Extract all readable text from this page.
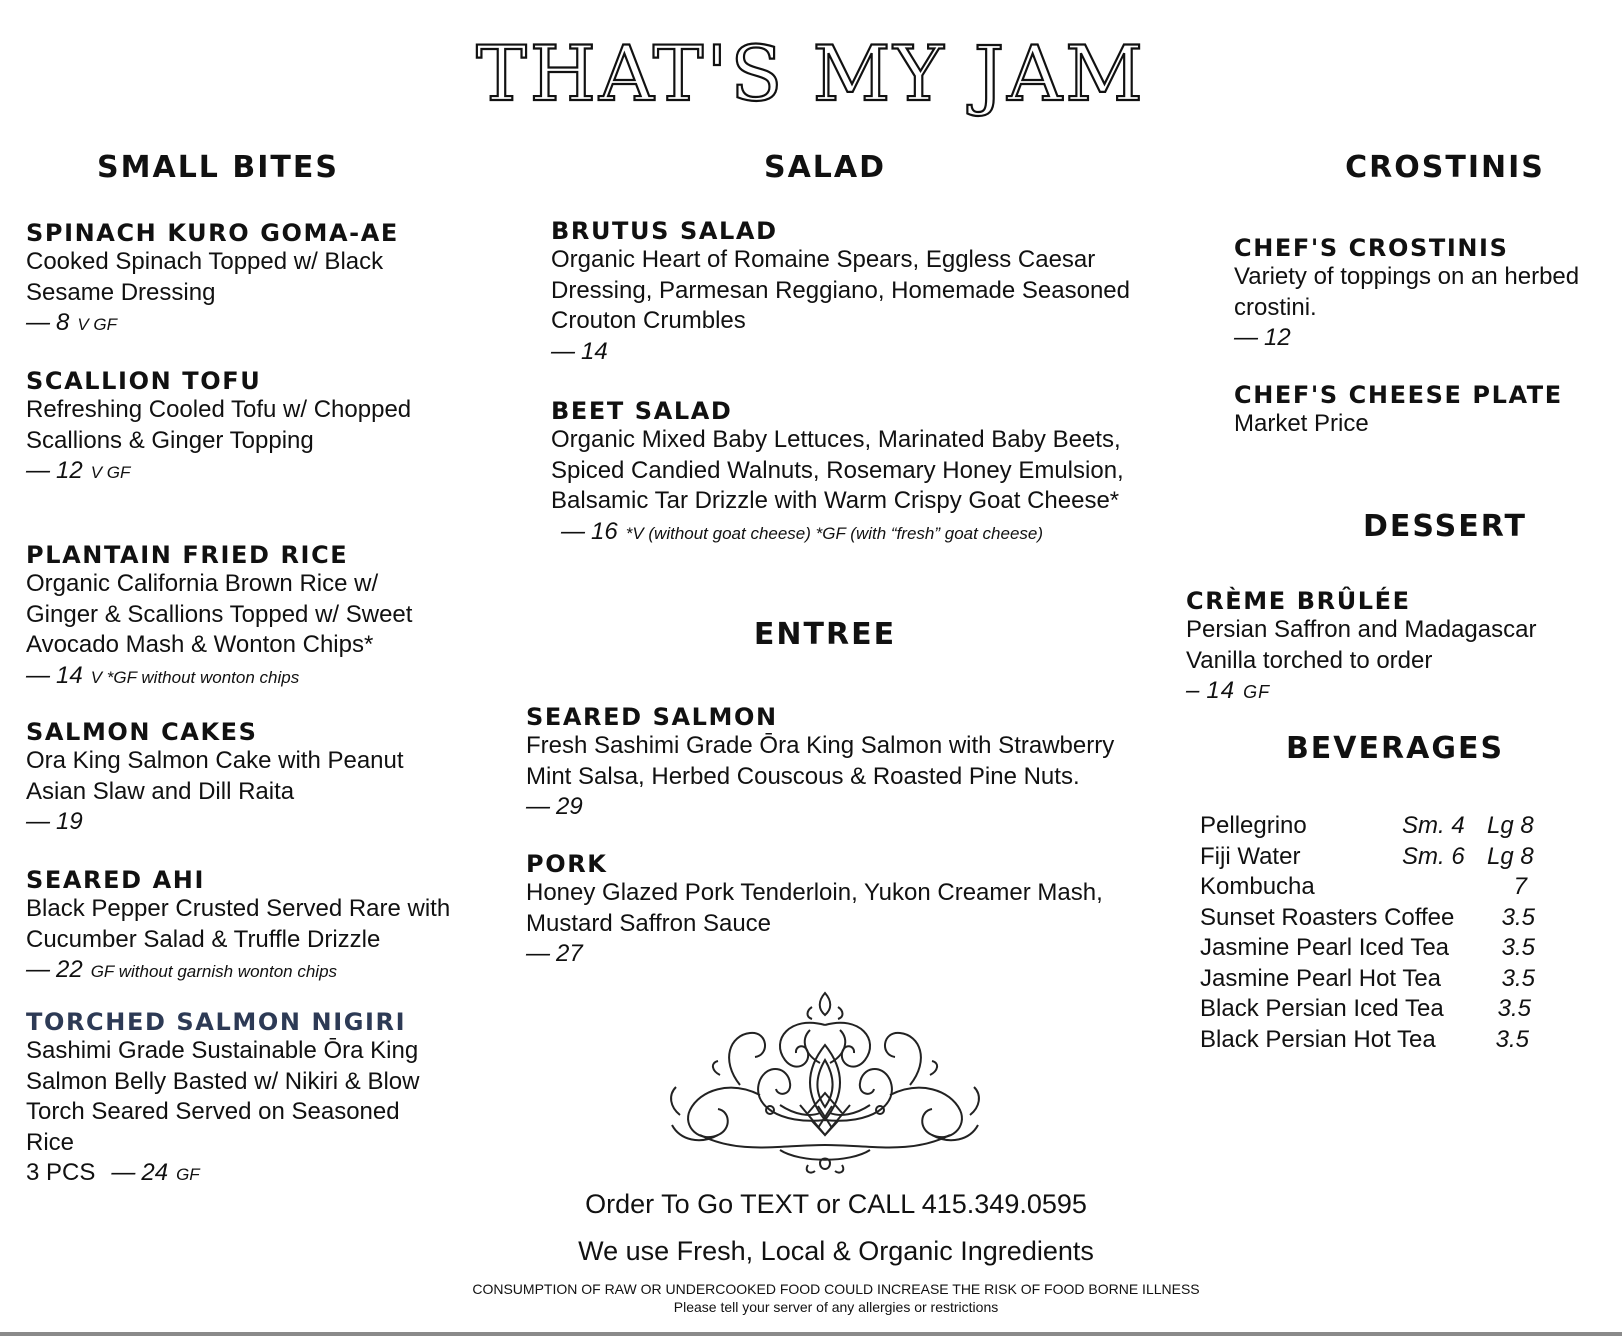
THAT'S MY JAM
SMALL BITES	SALAD	CROSTINIS
ENTREE
DESSERT
BEVERAGES
SPINACH KURO GOMA-AE
Cooked Spinach Topped w/ Black Sesame Dressing
— 8 V GF
SCALLION TOFU
Refreshing Cooled Tofu w/ Chopped Scallions & Ginger Topping
— 12 V GF
PLANTAIN FRIED RICE
Organic California Brown Rice w/ Ginger & Scallions Topped w/ Sweet Avocado Mash & Wonton Chips*
— 14 V *GF without wonton chips
SALMON CAKES
Ora King Salmon Cake with Peanut Asian Slaw and Dill Raita
— 19
SEARED AHI
Black Pepper Crusted Served Rare with Cucumber Salad & Truffle Drizzle
— 22 GF without garnish wonton chips
TORCHED SALMON NIGIRI
Sashimi Grade Sustainable Ōra King Salmon Belly Basted w/ Nikiri & Blow Torch Seared Served on Seasoned Rice
3 PCS — 24 GF
BRUTUS SALAD
Organic Heart of Romaine Spears, Eggless Caesar Dressing, Parmesan Reggiano, Homemade Seasoned Crouton Crumbles
— 14
BEET SALAD
Organic Mixed Baby Lettuces, Marinated Baby Beets, Spiced Candied Walnuts, Rosemary Honey Emulsion, Balsamic Tar Drizzle with Warm Crispy Goat Cheese*
— 16 *V (without goat cheese) *GF (with “fresh” goat cheese)
SEARED SALMON
Fresh Sashimi Grade Ōra King Salmon with Strawberry Mint Salsa, Herbed Couscous & Roasted Pine Nuts.
— 29
PORK
Honey Glazed Pork Tenderloin, Yukon Creamer Mash, Mustard Saffron Sauce
— 27
CHEF'S CROSTINIS
Variety of toppings on an herbed crostini.
— 12
CHEF'S CHEESE PLATE
Market Price
CRÈME BRÛLÉE
Persian Saffron and Madagascar Vanilla torched to order
– 14 GF
Pellegrino	Sm. 4 Lg 8
Fiji Water	Sm. 6 Lg 8
Kombucha	7
Sunset Roasters Coffee 3.5
Jasmine Pearl Iced Tea 3.5
Jasmine Pearl Hot Tea	3.5
Black Persian Iced Tea 3.5
Black Persian Hot Tea 3.5
Order To Go TEXT or CALL 415.349.0595
We use Fresh, Local & Organic Ingredients
CONSUMPTION OF RAW OR UNDERCOOKED FOOD COULD INCREASE THE RISK OF FOOD BORNE ILLNESS
Please tell your server of any allergies or restrictions
